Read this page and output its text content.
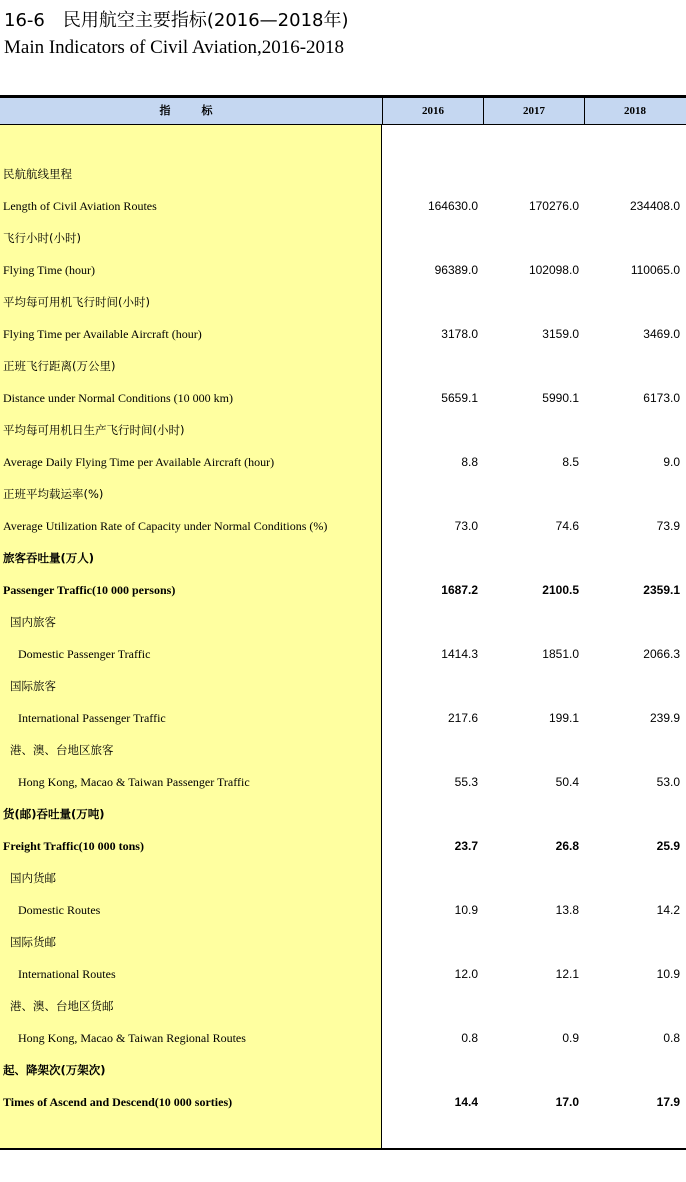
16-6　民用航空主要指标(2016—2018年)
Main Indicators of Civil Aviation,2016-2018
指　标	2016	2017	2018
民航航线里程
Length of Civil Aviation Routes	164630.0	170276.0	234408.0
飞行小时(小时)
Flying Time (hour)	96389.0	102098.0	110065.0
平均每可用机飞行时间(小时)
Flying Time per Available Aircraft (hour)	3178.0	3159.0	3469.0
正班飞行距离(万公里)
Distance under Normal Conditions (10 000 km)	5659.1	5990.1	6173.0
平均每可用机日生产飞行时间(小时)
Average Daily Flying Time per Available Aircraft (hour)	8.8	8.5	9.0
正班平均载运率(%)
Average Utilization Rate of Capacity under Normal Conditions (%)	73.0	74.6	73.9
旅客吞吐量(万人)
Passenger Traffic(10 000 persons)	1687.2	2100.5	2359.1
国内旅客
Domestic Passenger Traffic	1414.3	1851.0	2066.3
国际旅客
International Passenger Traffic	217.6	199.1	239.9
港、澳、台地区旅客
Hong Kong, Macao & Taiwan Passenger Traffic	55.3	50.4	53.0
货(邮)吞吐量(万吨)
Freight Traffic(10 000 tons)	23.7	26.8	25.9
国内货邮
Domestic Routes	10.9	13.8	14.2
国际货邮
International Routes	12.0	12.1	10.9
港、澳、台地区货邮
Hong Kong, Macao & Taiwan Regional Routes	0.8	0.9	0.8
起、降架次(万架次)
Times of Ascend and Descend(10 000 sorties)	14.4	17.0	17.9
